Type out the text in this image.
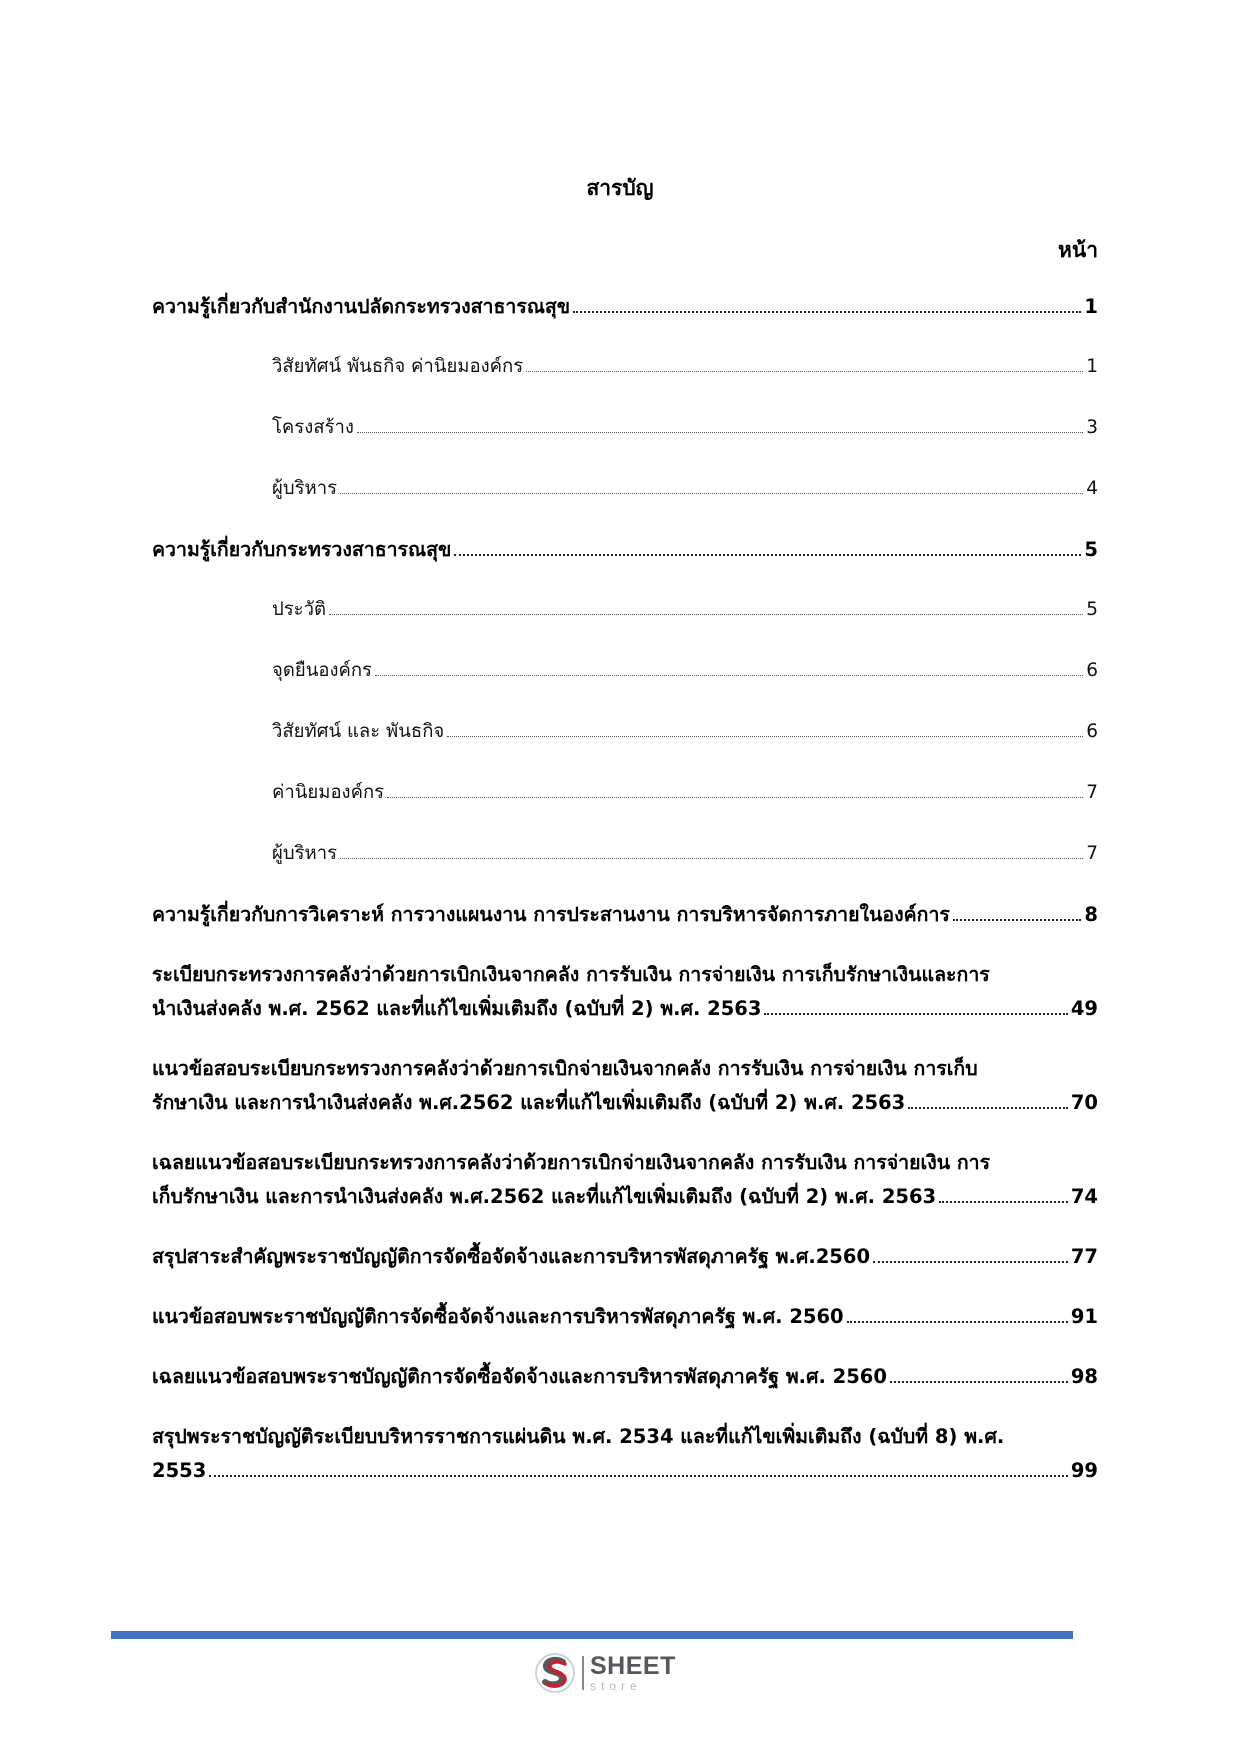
สารบัญ
หน้า
ความรู้เกี่ยวกับสำนักงานปลัดกระทรวงสาธารณสุข	1
วิสัยทัศน์ พันธกิจ ค่านิยมองค์กร	1
โครงสร้าง	3
ผู้บริหาร	4
ความรู้เกี่ยวกับกระทรวงสาธารณสุข	5
ประวัติ	5
จุดยืนองค์กร	6
วิสัยทัศน์ และ พันธกิจ	6
ค่านิยมองค์กร	7
ผู้บริหาร	7
ความรู้เกี่ยวกับการวิเคราะห์ การวางแผนงาน การประสานงาน การบริหารจัดการภายในองค์การ	8
ระเบียบกระทรวงการคลังว่าด้วยการเบิกเงินจากคลัง การรับเงิน การจ่ายเงิน การเก็บรักษาเงินและการ
นำเงินส่งคลัง พ.ศ. 2562 และที่แก้ไขเพิ่มเติมถึง (ฉบับที่ 2) พ.ศ. 2563	49
แนวข้อสอบระเบียบกระทรวงการคลังว่าด้วยการเบิกจ่ายเงินจากคลัง การรับเงิน การจ่ายเงิน การเก็บ
รักษาเงิน และการนำเงินส่งคลัง พ.ศ.2562 และที่แก้ไขเพิ่มเติมถึง (ฉบับที่ 2) พ.ศ. 2563	70
เฉลยแนวข้อสอบระเบียบกระทรวงการคลังว่าด้วยการเบิกจ่ายเงินจากคลัง การรับเงิน การจ่ายเงิน การ
เก็บรักษาเงิน และการนำเงินส่งคลัง พ.ศ.2562 และที่แก้ไขเพิ่มเติมถึง (ฉบับที่ 2) พ.ศ. 2563	74
สรุปสาระสำคัญพระราชบัญญัติการจัดซื้อจัดจ้างและการบริหารพัสดุภาครัฐ พ.ศ.2560	77
แนวข้อสอบพระราชบัญญัติการจัดซื้อจัดจ้างและการบริหารพัสดุภาครัฐ พ.ศ. 2560	91
เฉลยแนวข้อสอบพระราชบัญญัติการจัดซื้อจัดจ้างและการบริหารพัสดุภาครัฐ พ.ศ. 2560	98
สรุปพระราชบัญญัติระเบียบบริหารราชการแผ่นดิน พ.ศ. 2534 และที่แก้ไขเพิ่มเติมถึง (ฉบับที่ 8) พ.ศ.
2553	99
SHEET
store
